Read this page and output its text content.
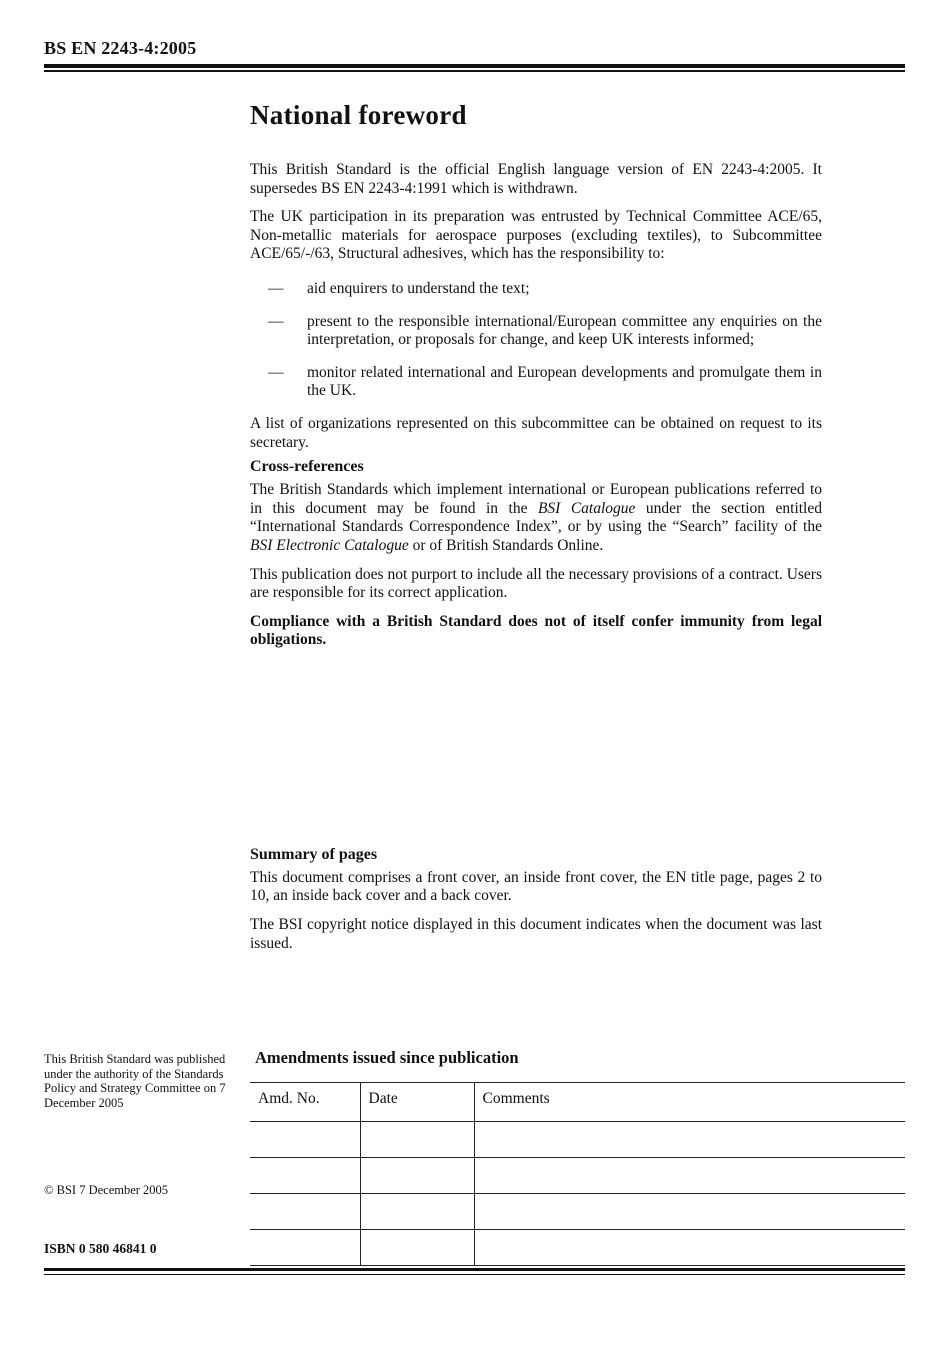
BS EN 2243-4:2005
National foreword

This British Standard is the official English language version of EN 2243-4:2005. It supersedes BS EN 2243-4:1991 which is withdrawn.

The UK participation in its preparation was entrusted by Technical Committee ACE/65, Non-metallic materials for aerospace purposes (excluding textiles), to Subcommittee ACE/65/-/63, Structural adhesives, which has the responsibility to:

—	aid enquirers to understand the text;
—	present to the responsible international/European committee any enquiries on the interpretation, or proposals for change, and keep UK interests informed;
—	monitor related international and European developments and promulgate them in the UK.

A list of organizations represented on this subcommittee can be obtained on request to its secretary.

Cross-references

The British Standards which implement international or European publications referred to in this document may be found in the BSI Catalogue under the section entitled “International Standards Correspondence Index”, or by using the “Search” facility of the BSI Electronic Catalogue or of British Standards Online.

This publication does not purport to include all the necessary provisions of a contract. Users are responsible for its correct application.

Compliance with a British Standard does not of itself confer immunity from legal obligations.

Summary of pages

This document comprises a front cover, an inside front cover, the EN title page, pages 2 to 10, an inside back cover and a back cover.

The BSI copyright notice displayed in this document indicates when the document was last issued.

This British Standard was published under the authority of the Standards Policy and Strategy Committee on 7 December 2005
© BSI 7 December 2005
ISBN 0 580 46841 0
Amendments issued since publication
Amd. No.	Date	Comments
